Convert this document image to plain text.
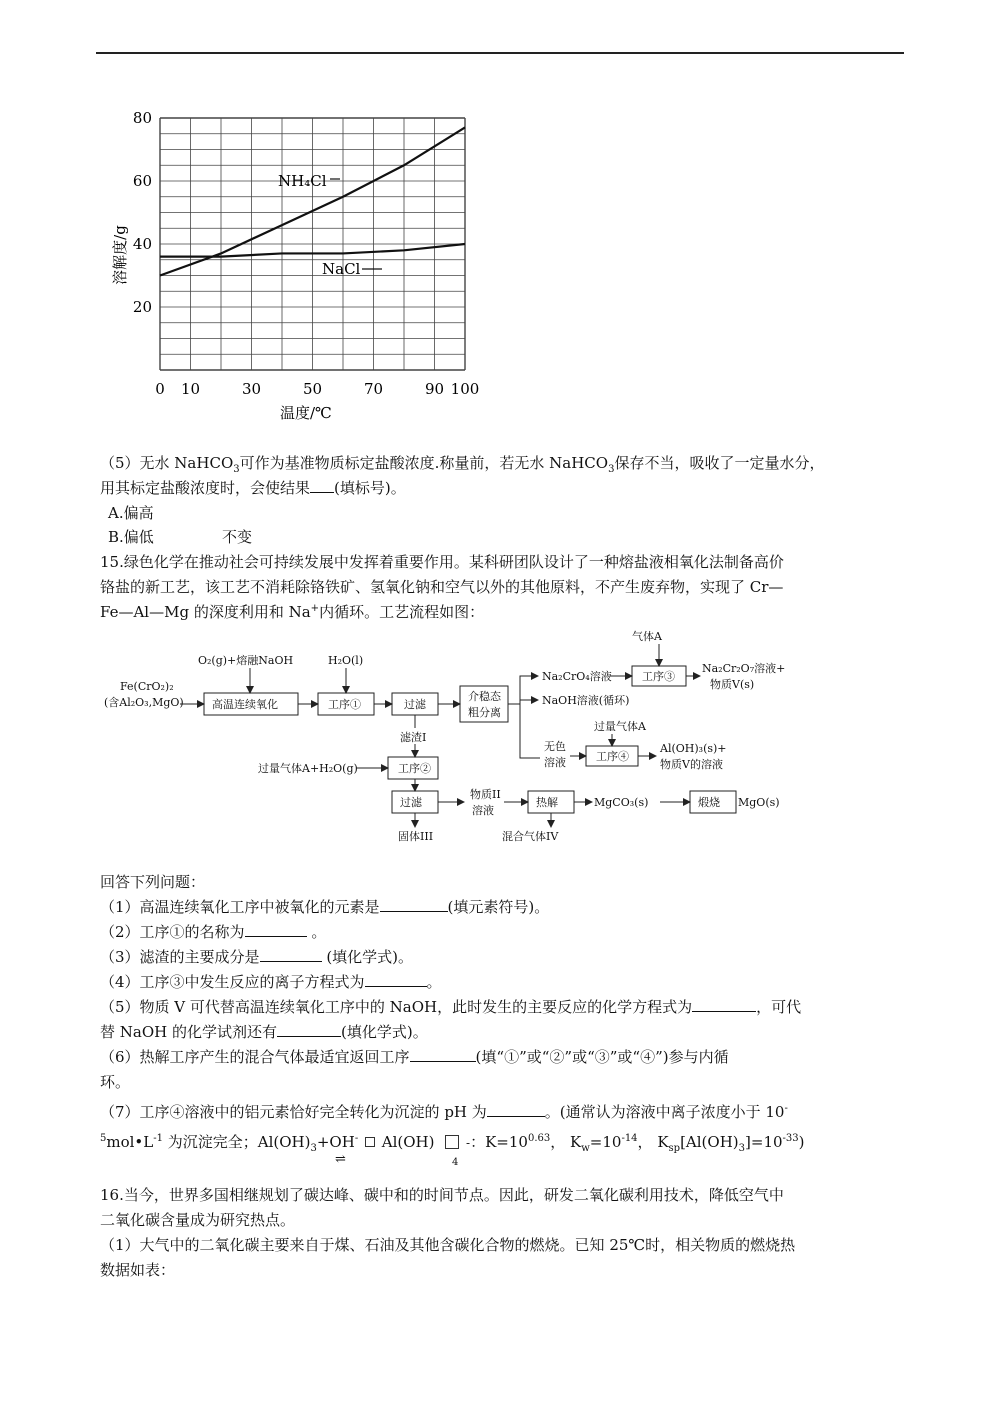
80
60
40
20
0 10	30	50	70	90 100
NH₄Cl
NaCl
温度/℃
溶解度/g
（5）无水 NaHCO$_3$可作为基准物质标定盐酸浓度.称量前，若无水 NaHCO$_3$保存不当，吸收了一定量水分，
用其标定盐酸浓度时，会使结果 (填标号)。
A.偏高
B.偏低	不变
15.绿色化学在推动社会可持续发展中发挥着重要作用。某科研团队设计了一种熔盐液相氧化法制备高价
铬盐的新工艺，该工艺不消耗除铬铁矿、氢氧化钠和空气以外的其他原料，不产生废弃物，实现了 Cr—
Fe—Al—Mg 的深度利用和 Na+内循环。工艺流程如图：
Fe(CrO₂)₂
(含Al₂O₃,MgO)
O₂(g)+熔融NaOH	H₂O(l)
高温连续氧化	工序①	过滤
介稳态
粗分离
Na₂CrO₄溶液
气体A
工序③
Na₂Cr₂O₇溶液+
物质V(s)
NaOH溶液(循环)
过量气体A
无色
溶液	工序④
Al(OH)₃(s)+
物质V的溶液
滤渣I
过量气体A+H₂O(g)	工序②
过滤
物质II
溶液
热解	MgCO₃(s)	煅烧 MgO(s)
固体III	混合气体IV
回答下列问题：
（1）高温连续氧化工序中被氧化的元素是	(填元素符号)。
（2）工序①的名称为	。
（3）滤渣的主要成分是	(填化学式)。
（4）工序③中发生反应的离子方程式为	。
（5）物质 V 可代替高温连续氧化工序中的 NaOH，此时发生的主要反应的化学方程式为	，可代
替 NaOH 的化学试剂还有	(填化学式)。
（6）热解工序产生的混合气体最适宜返回工序	(填“①”或“②”或“③”或“④”)参与内循
环。
（7）工序④溶液中的铝元素恰好完全转化为沉淀的 pH 为	。(通常认为溶液中离子浓度小于 10-
$^5mol•L^{-1}$ 为沉淀完全；$Al(OH)_3+OH^-$  Al(OH)	-：$K=10^{0.63}$， $K_w=10^{-14}$， $K_{sp}[Al(OH)_3]=10^{-33}$)
⇌	4
16.当今，世界多国相继规划了碳达峰、碳中和的时间节点。因此，研发二氧化碳利用技术，降低空气中
二氧化碳含量成为研究热点。
（1）大气中的二氧化碳主要来自于煤、石油及其他含碳化合物的燃烧。已知 25℃时，相关物质的燃烧热
数据如表：
